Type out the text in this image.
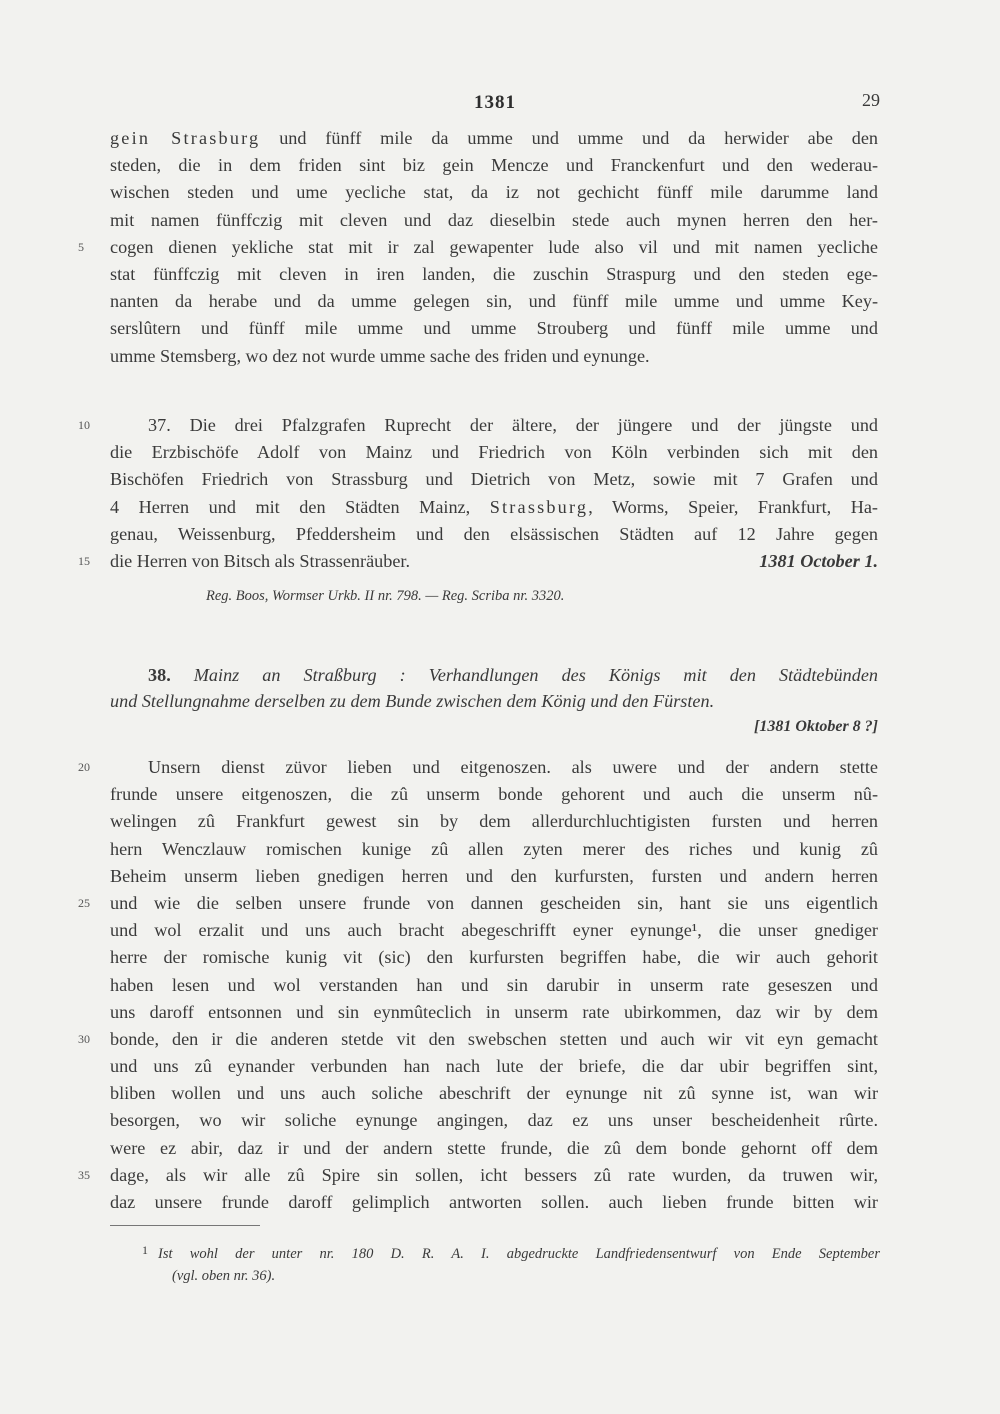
1381	29
gein Strasburg und fünff mile da umme und umme und da herwider abe den
steden, die in dem friden sint biz gein Mencze und Franckenfurt und den wederau-
wischen steden und ume yecliche stat, da iz not gechicht fünff mile darumme land
mit namen fünffczig mit cleven und daz dieselbin stede auch mynen herren den her-
5	cogen dienen yekliche stat mit ir zal gewapenter lude also vil und mit namen yecliche
stat fünffczig mit cleven in iren landen, die zuschin Straspurg und den steden ege-
nanten da herabe und da umme gelegen sin, und fünff mile umme und umme Key-
serslûtern und fünff mile umme und umme Strouberg und fünff mile umme und
umme Stemsberg, wo dez not wurde umme sache des friden und eynunge.
10	37. Die drei Pfalzgrafen Ruprecht der ältere, der jüngere und der jüngste und
die Erzbischöfe Adolf von Mainz und Friedrich von Köln verbinden sich mit den
Bischöfen Friedrich von Strassburg und Dietrich von Metz, sowie mit 7 Grafen und
4 Herren und mit den Städten Mainz, Strassburg, Worms, Speier, Frankfurt, Ha-
genau, Weissenburg, Pfeddersheim und den elsässischen Städten auf 12 Jahre gegen
15	die Herren von Bitsch als Strassenräuber.	1381 October 1.
Reg. Boos, Wormser Urkb. II nr. 798. — Reg. Scriba nr. 3320.
38. Mainz an Straßburg : Verhandlungen des Königs mit den Städtebünden
und Stellungnahme derselben zu dem Bunde zwischen dem König und den Fürsten.
[1381 Oktober 8 ?]
20	Unsern dienst züvor lieben und eitgenoszen. als uwere und der andern stette
frunde unsere eitgenoszen, die zû unserm bonde gehorent und auch die unserm nû-
welingen zû Frankfurt gewest sin by dem allerdurchluchtigisten fursten und herren
hern Wenczlauw romischen kunige zû allen zyten merer des riches und kunig zû
Beheim unserm lieben gnedigen herren und den kurfursten, fursten und andern herren
25	und wie die selben unsere frunde von dannen gescheiden sin, hant sie uns eigentlich
und wol erzalit und uns auch bracht abegeschrifft eyner eynunge¹, die unser gnediger
herre der romische kunig vit (sic) den kurfursten begriffen habe, die wir auch gehorit
haben lesen und wol verstanden han und sin darubir in unserm rate geseszen und
uns daroff entsonnen und sin eynmûteclich in unserm rate ubirkommen, daz wir by dem
30	bonde, den ir die anderen stetde vit den swebschen stetten und auch wir vit eyn gemacht
und uns zû eynander verbunden han nach lute der briefe, die dar ubir begriffen sint,
bliben wollen und uns auch soliche abeschrift der eynunge nit zû synne ist, wan wir
besorgen, wo wir soliche eynunge angingen, daz ez uns unser bescheidenheit rûrte.
were ez abir, daz ir und der andern stette frunde, die zû dem bonde gehornt off dem
35	dage, als wir alle zû Spire sin sollen, icht bessers zû rate wurden, da truwen wir,
daz unsere frunde daroff gelimplich antworten sollen. auch lieben frunde bitten wir
1 Ist wohl der unter nr. 180 D. R. A. I. abgedruckte Landfriedensentwurf von Ende September
(vgl. oben nr. 36).
